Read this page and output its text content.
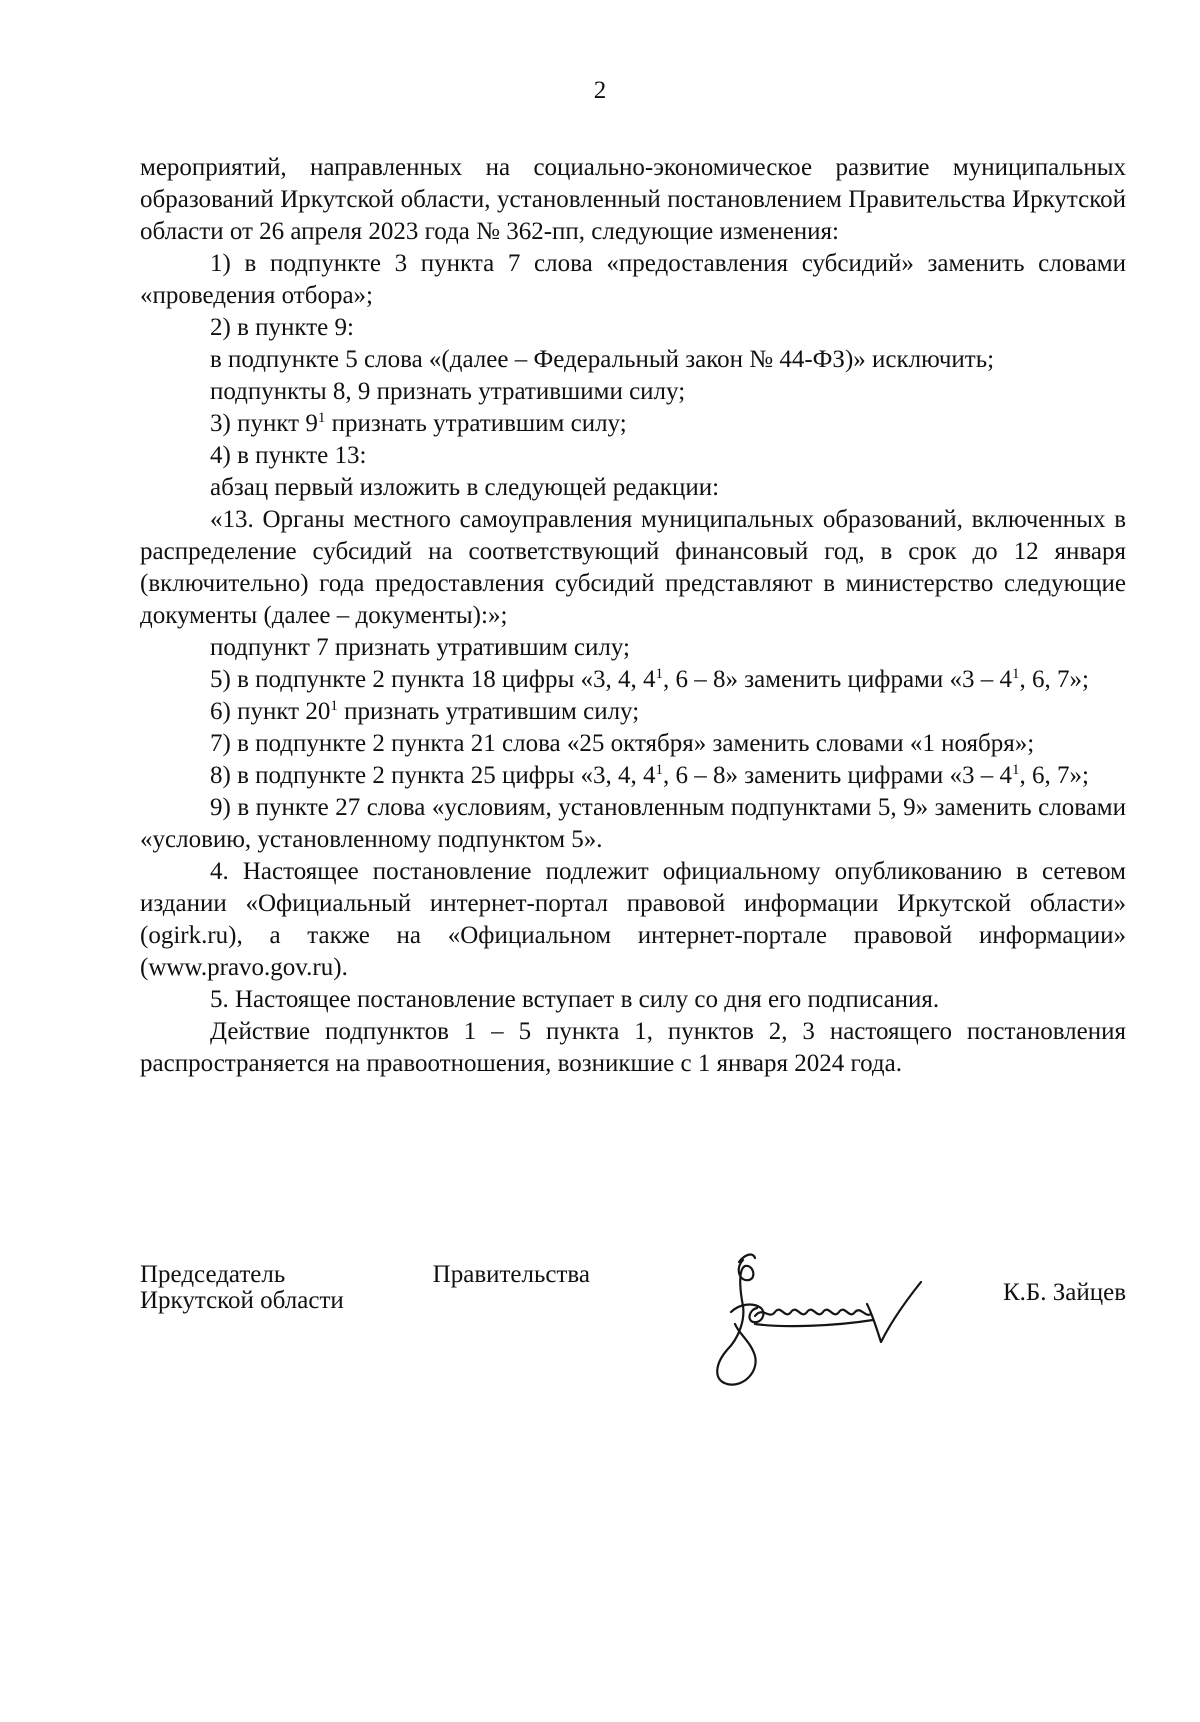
2

мероприятий, направленных на социально-экономическое развитие муниципальных образований Иркутской области, установленный постановлением Правительства Иркутской области от 26 апреля 2023 года № 362-пп, следующие изменения:

1) в подпункте 3 пункта 7 слова «предоставления субсидий» заменить словами «проведения отбора»;

2) в пункте 9:

в подпункте 5 слова «(далее – Федеральный закон № 44-ФЗ)» исключить;

подпункты 8, 9 признать утратившими силу;

3) пункт $9^1$ признать утратившим силу;

4) в пункте 13:

абзац первый изложить в следующей редакции:

«13. Органы местного самоуправления муниципальных образований, включенных в распределение субсидий на соответствующий финансовый год, в срок до 12 января (включительно) года предоставления субсидий представляют в министерство следующие документы (далее – документы):»;

подпункт 7 признать утратившим силу;

5) в подпункте 2 пункта 18 цифры «3, 4, $4^1$, 6 – 8» заменить цифрами «$3 - 4^1$, 6, 7»;

6) пункт $20^1$ признать утратившим силу;

7) в подпункте 2 пункта 21 слова «25 октября» заменить словами «1 ноября»;

8) в подпункте 2 пункта 25 цифры «3, 4, $4^1$, 6 – 8» заменить цифрами «$3 - 4^1$, 6, 7»;

9) в пункте 27 слова «условиям, установленным подпунктами 5, 9» заменить словами «условию, установленному подпунктом 5».

4. Настоящее постановление подлежит официальному опубликованию в сетевом издании «Официальный интернет-портал правовой информации Иркутской области» (ogirk.ru), а также на «Официальном интернет-портале правовой информации» (www.pravo.gov.ru).

5. Настоящее постановление вступает в силу со дня его подписания.

Действие подпунктов 1 – 5 пункта 1, пунктов 2, 3 настоящего постановления распространяется на правоотношения, возникшие с 1 января 2024 года.

Председатель Правительства
Иркутской области	К.Б. Зайцев
